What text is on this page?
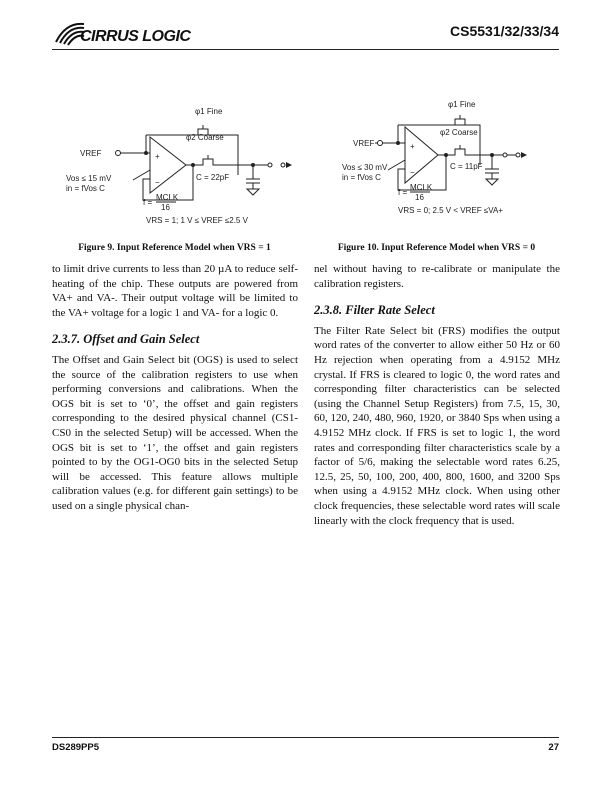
CIRRUS LOGIC	CS5531/32/33/34
+
−
φ1 Fine
φ2 Coarse
VREF
Vos ≤ 15 mV
in = fVos C
C = 22pF
f =
MCLK
16
VRS = 1; 1 V ≤ VREF ≤2.5 V
Figure 9. Input Reference Model when VRS = 1
+
−
φ1 Fine
φ2 Coarse
VREF
Vos ≤ 30 mV
in = fVos C
C = 11pF
f =
MCLK
16
VRS = 0; 2.5 V < VREF ≤VA+
Figure 10. Input Reference Model when VRS = 0

to limit drive currents to less than 20 µA to reduce self-heating of the chip. These outputs are powered from VA+ and VA-. Their output voltage will be limited to the VA+ voltage for a logic 1 and VA- for a logic 0.

2.3.7. Offset and Gain Select

The Offset and Gain Select bit (OGS) is used to select the source of the calibration registers to use when performing conversions and calibrations. When the OGS bit is set to ‘0’, the offset and gain registers corresponding to the desired physical channel (CS1-CS0 in the selected Setup) will be accessed. When the OGS bit is set to ‘1’, the offset and gain registers pointed to by the OG1-OG0 bits in the selected Setup will be accessed. This feature allows multiple calibration values (e.g. for different gain settings) to be used on a single physical chan-

nel without having to re-calibrate or manipulate the calibration registers.

2.3.8. Filter Rate Select

The Filter Rate Select bit (FRS) modifies the output word rates of the converter to allow either 50 Hz or 60 Hz rejection when operating from a 4.9152 MHz crystal. If FRS is cleared to logic 0, the word rates and corresponding filter characteristics can be selected (using the Channel Setup Registers) from 7.5, 15, 30, 60, 120, 240, 480, 960, 1920, or 3840 Sps when using a 4.9152 MHz clock. If FRS is set to logic 1, the word rates and corresponding filter characteristics scale by a factor of 5/6, making the selectable word rates 6.25, 12.5, 25, 50, 100, 200, 400, 800, 1600, and 3200 Sps when using a 4.9152 MHz clock. When using other clock frequencies, these selectable word rates will scale linearly with the clock frequency that is used.

DS289PP5	27
